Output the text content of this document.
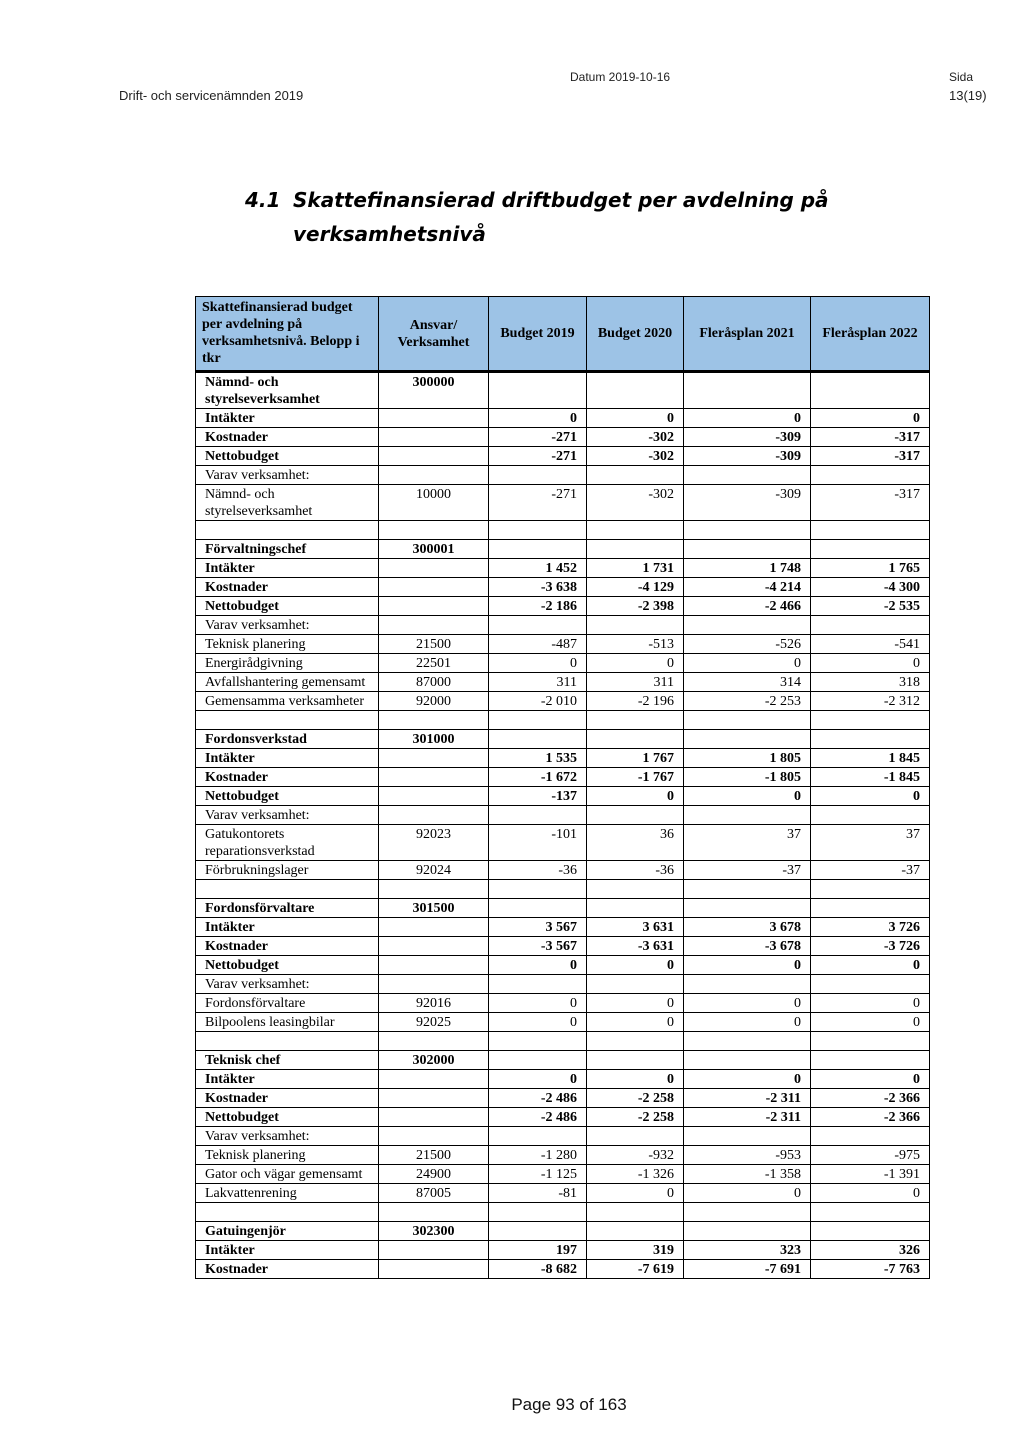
Datum 2019-10-16
Drift- och servicenämnden 2019
Sida
13(19)
4.1 Skattefinansierad driftbudget per avdelning på
verksamhetsnivå
Skattefinansierad budget per avdelning på verksamhetsnivå. Belopp i tkr	Ansvar/ Verksamhet	Budget 2019	Budget 2020	Fleråsplan 2021	Fleråsplan 2022
Nämnd- och styrelseverksamhet	300000				
Intäkter		0	0	0	0
Kostnader		-271	-302	-309	-317
Nettobudget		-271	-302	-309	-317
Varav verksamhet:					
Nämnd- och styrelseverksamhet	10000	-271	-302	-309	-317

Förvaltningschef	300001				
Intäkter		1 452	1 731	1 748	1 765
Kostnader		-3 638	-4 129	-4 214	-4 300
Nettobudget		-2 186	-2 398	-2 466	-2 535
Varav verksamhet:					
Teknisk planering	21500	-487	-513	-526	-541
Energirådgivning	22501	0	0	0	0
Avfallshantering gemensamt	87000	311	311	314	318
Gemensamma verksamheter	92000	-2 010	-2 196	-2 253	-2 312

Fordonsverkstad	301000				
Intäkter		1 535	1 767	1 805	1 845
Kostnader		-1 672	-1 767	-1 805	-1 845
Nettobudget		-137	0	0	0
Varav verksamhet:					
Gatukontorets reparationsverkstad	92023	-101	36	37	37
Förbrukningslager	92024	-36	-36	-37	-37

Fordonsförvaltare	301500				
Intäkter		3 567	3 631	3 678	3 726
Kostnader		-3 567	-3 631	-3 678	-3 726
Nettobudget		0	0	0	0
Varav verksamhet:					
Fordonsförvaltare	92016	0	0	0	0
Bilpoolens leasingbilar	92025	0	0	0	0

Teknisk chef	302000				
Intäkter		0	0	0	0
Kostnader		-2 486	-2 258	-2 311	-2 366
Nettobudget		-2 486	-2 258	-2 311	-2 366
Varav verksamhet:					
Teknisk planering	21500	-1 280	-932	-953	-975
Gator och vägar gemensamt	24900	-1 125	-1 326	-1 358	-1 391
Lakvattenrening	87005	-81	0	0	0

Gatuingenjör	302300				
Intäkter		197	319	323	326
Kostnader		-8 682	-7 619	-7 691	-7 763
Page 93 of 163
